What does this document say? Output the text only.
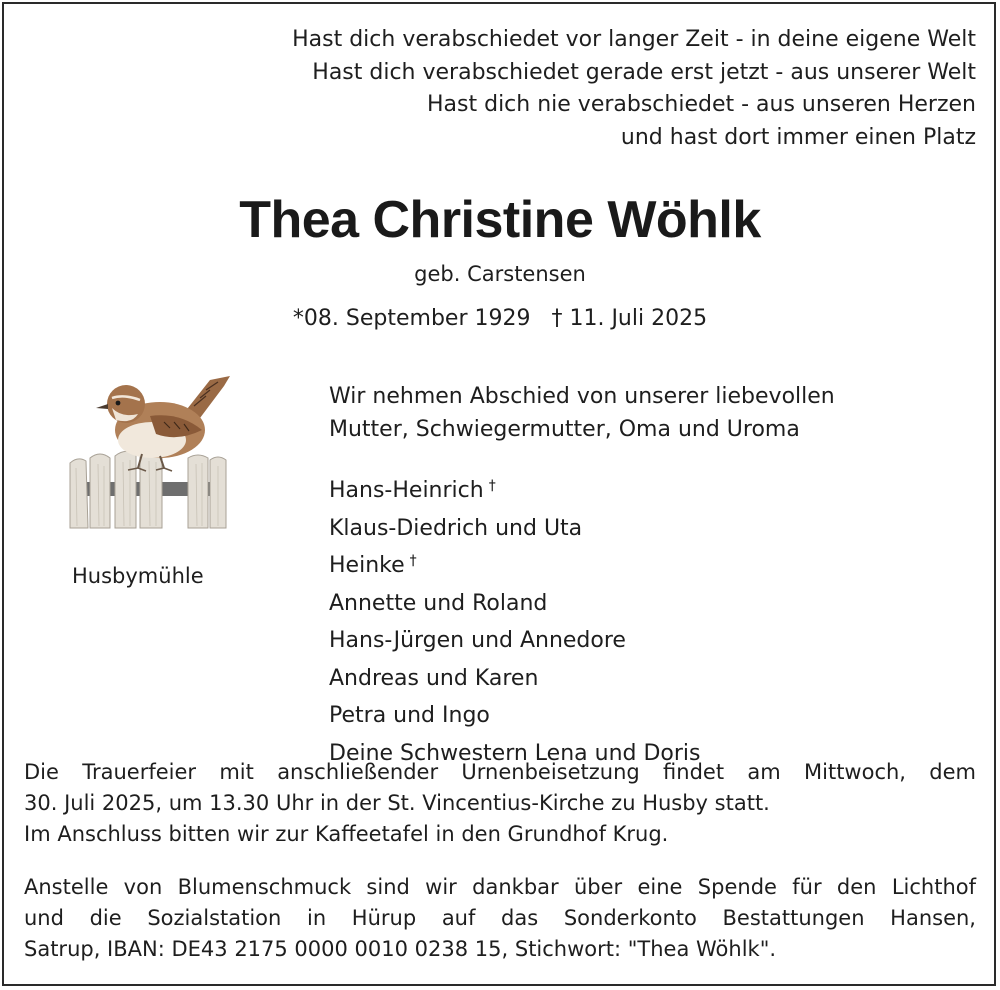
Hast dich verabschiedet vor langer Zeit - in deine eigene Welt
Hast dich verabschiedet gerade erst jetzt - aus unserer Welt
Hast dich nie verabschiedet - aus unseren Herzen
und hast dort immer einen Platz
Thea Christine Wöhlk
geb. Carstensen
*08. September 1929   † 11. Juli 2025
Husbymühle
Wir nehmen Abschied von unserer liebevollen
Mutter, Schwiegermutter, Oma und Uroma
Hans-Heinrich †
Klaus-Diedrich und Uta
Heinke †
Annette und Roland
Hans-Jürgen und Annedore
Andreas und Karen
Petra und Ingo
Deine Schwestern Lena und Doris
Die Trauerfeier mit anschließender Urnenbeisetzung findet am Mittwoch, dem
30. Juli 2025, um 13.30 Uhr in der St. Vincentius-Kirche zu Husby statt.
Im Anschluss bitten wir zur Kaffeetafel in den Grundhof Krug.
Anstelle von Blumenschmuck sind wir dankbar über eine Spende für den Lichthof
und die Sozialstation in Hürup auf das Sonderkonto Bestattungen Hansen,
Satrup, IBAN: DE43 2175 0000 0010 0238 15, Stichwort: "Thea Wöhlk".
